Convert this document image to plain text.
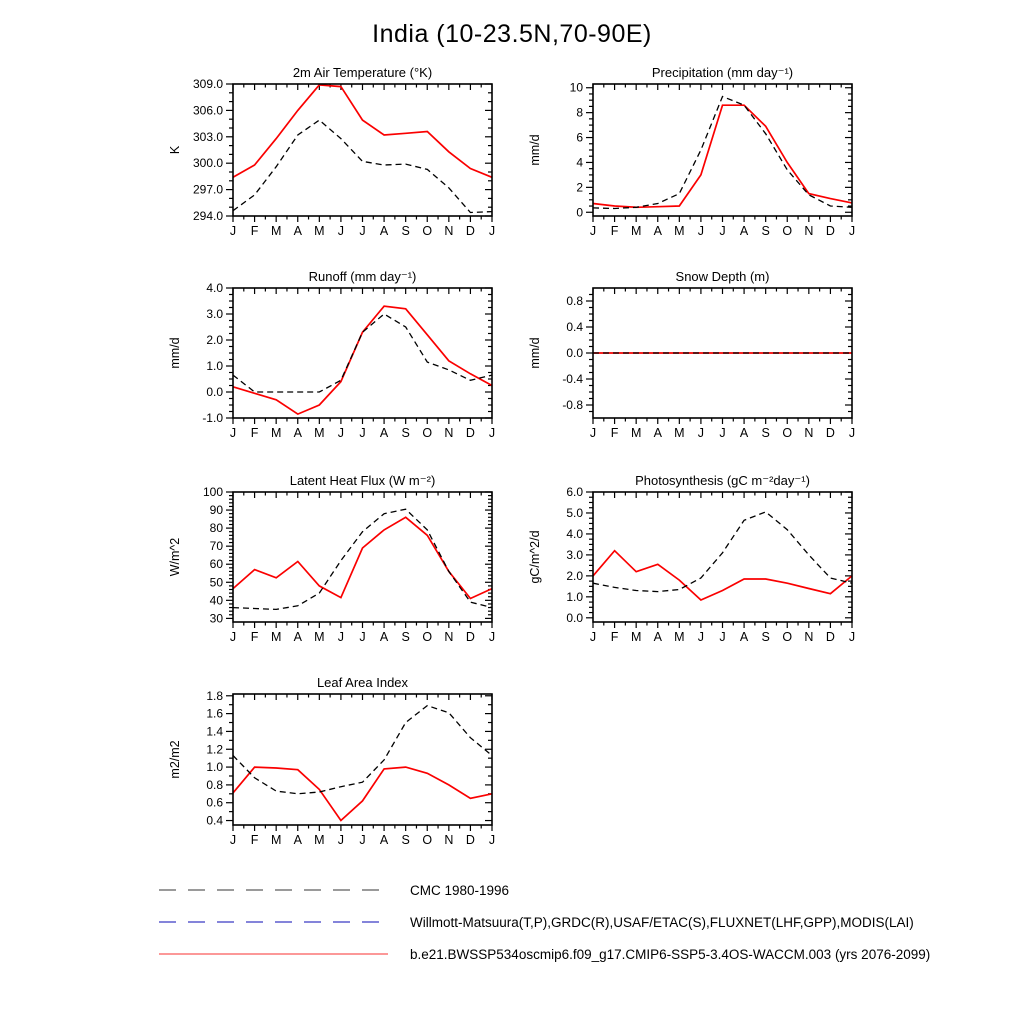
India (10-23.5N,70-90E)
2m Air Temperature (°K)
K
294.0
297.0
300.0
303.0
306.0
309.0
J F M A M J J A S O N D J
Precipitation (mm day⁻¹)
mm/d
0
2
4
6
8
10
J F M A M J J A S O N D J
Runoff (mm day⁻¹)
mm/d
-1.0
0.0
1.0
2.0
3.0
4.0
J F M A M J J A S O N D J
Snow Depth (m)
mm/d
-0.8
-0.4
0.0
0.4
0.8
J F M A M J J A S O N D J
Latent Heat Flux (W m⁻²)
W/m^2
30
40
50
60
70
80
90
100
J F M A M J J A S O N D J
Photosynthesis (gC m⁻²day⁻¹)
gC/m^2/d
0.0
1.0
2.0
3.0
4.0
5.0
6.0
J F M A M J J A S O N D J
Leaf Area Index
m2/m2
0.4
0.6
0.8
1.0
1.2
1.4
1.6
1.8
J F M A M J J A S O N D J
CMC 1980-1996
Willmott-Matsuura(T,P),GRDC(R),USAF/ETAC(S),FLUXNET(LHF,GPP),MODIS(LAI)
b.e21.BWSSP534oscmip6.f09_g17.CMIP6-SSP5-3.4OS-WACCM.003 (yrs 2076-2099)
